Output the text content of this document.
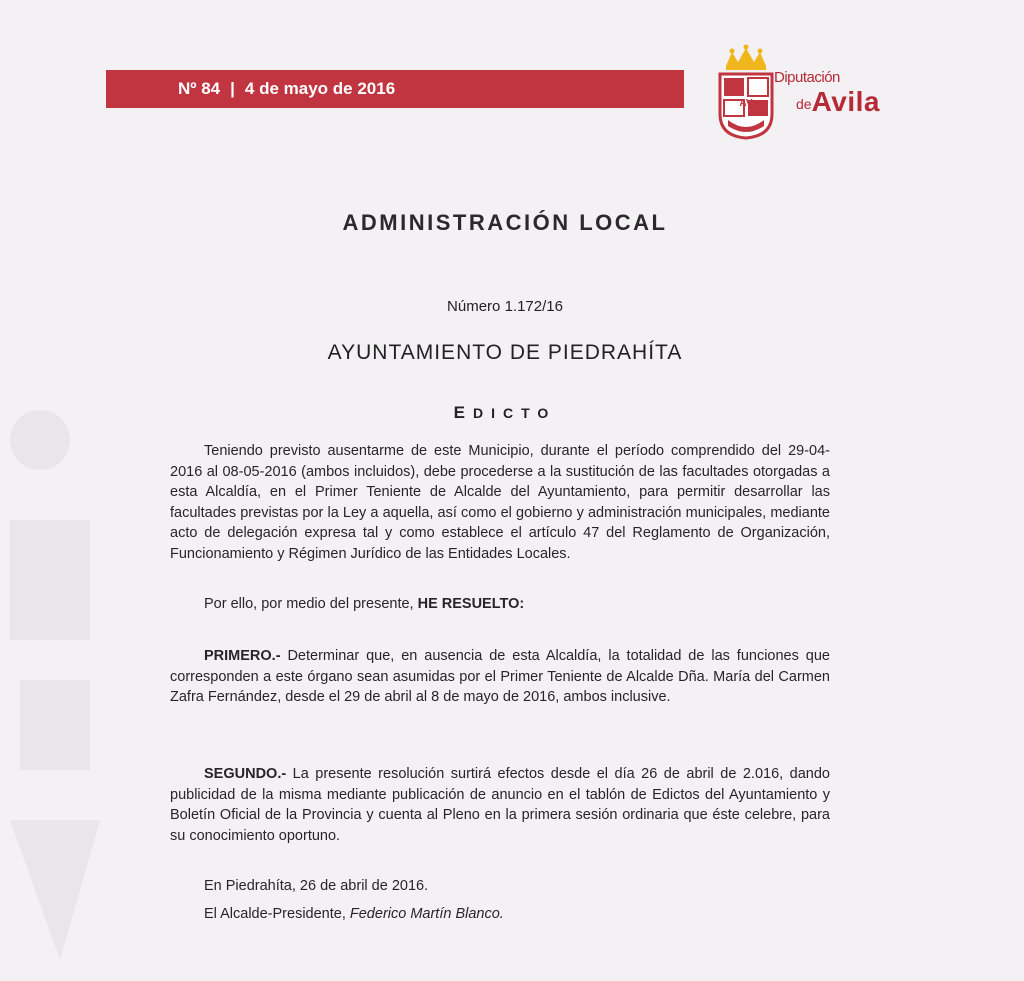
Nº 84 | 4 de mayo de 2016
AV
Diputación
deAvila
ADMINISTRACIÓN LOCAL
Número 1.172/16
AYUNTAMIENTO DE PIEDRAHÍTA
EDICTO

Teniendo previsto ausentarme de este Municipio, durante el período comprendido del 29-04-2016 al 08-05-2016 (ambos incluidos), debe procederse a la sustitución de las facultades otorgadas a esta Alcaldía, en el Primer Teniente de Alcalde del Ayuntamiento, para permitir desarrollar las facultades previstas por la Ley a aquella, así como el gobierno y administración municipales, mediante acto de delegación expresa tal y como establece el artículo 47 del Reglamento de Organización, Funcionamiento y Régimen Jurídico de las Entidades Locales.

Por ello, por medio del presente, HE RESUELTO:

PRIMERO.- Determinar que, en ausencia de esta Alcaldía, la totalidad de las funciones que corresponden a este órgano sean asumidas por el Primer Teniente de Alcalde Dña. María del Carmen Zafra Fernández, desde el 29 de abril al 8 de mayo de 2016, ambos inclusive.

SEGUNDO.- La presente resolución surtirá efectos desde el día 26 de abril de 2.016, dando publicidad de la misma mediante publicación de anuncio en el tablón de Edictos del Ayuntamiento y Boletín Oficial de la Provincia y cuenta al Pleno en la primera sesión ordinaria que éste celebre, para su conocimiento oportuno.

En Piedrahíta, 26 de abril de 2016.

El Alcalde-Presidente, Federico Martín Blanco.
